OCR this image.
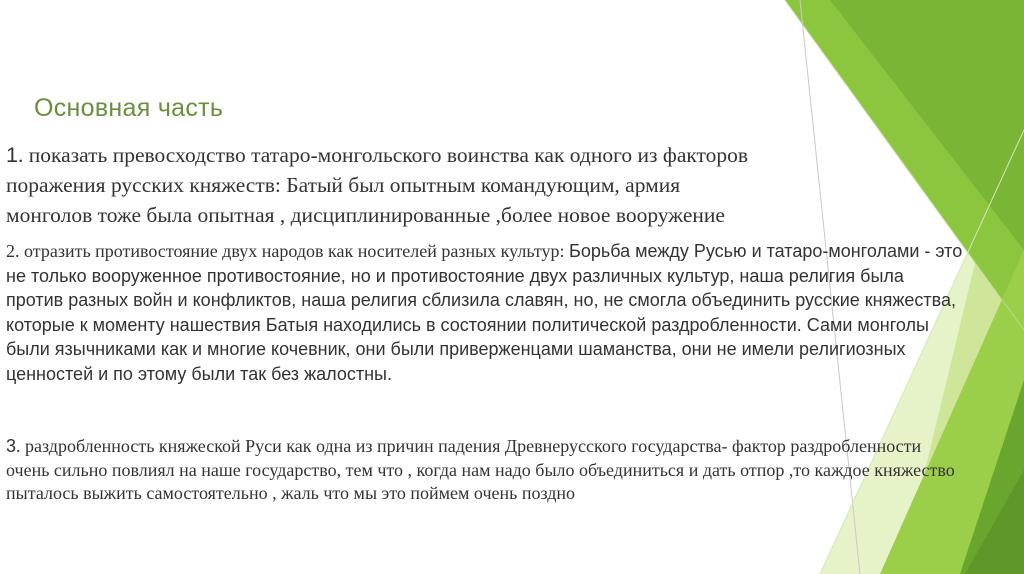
Основная часть
1. показать превосходство татаро-монгольского воинства как одного из факторов поражения русских княжеств: Батый был опытным командующим, армия монголов тоже была опытная , дисциплинированные ,более новое вооружение
2. отразить противостояние двух народов как носителей разных культур: Борьба между Русью и татаро-монголами - это не только вооруженное противостояние, но и противостояние двух различных культур, наша религия была против разных войн и конфликтов, наша религия сблизила славян, но, не смогла объединить русские княжества, которые к моменту нашествия Батыя находились в состоянии политической раздробленности. Сами монголы были язычниками как и многие кочевник, они были приверженцами шаманства, они не имели религиозных ценностей и по этому были так без жалостны.
3. раздробленность княжеской Руси как одна из причин падения Древнерусского государства- фактор раздробленности очень сильно повлиял на наше государство, тем что , когда нам надо было объединиться и дать отпор ,то каждое княжество пыталось выжить самостоятельно , жаль что мы это поймем очень поздно
